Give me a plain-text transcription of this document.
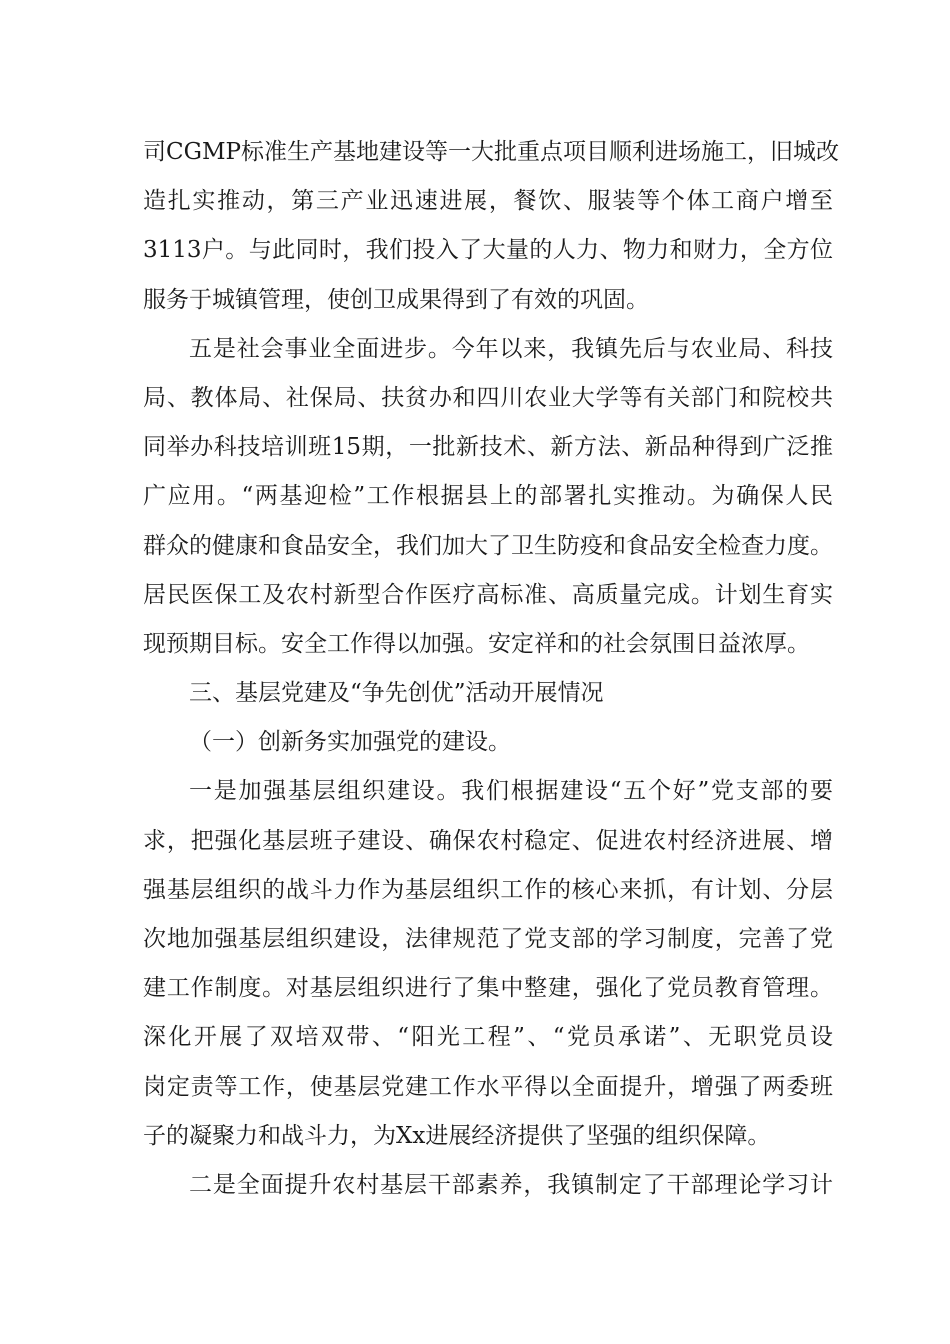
司CGMP标准生产基地建设等一大批重点项目顺利进场施工，旧城改
造扎实推动，第三产业迅速进展，餐饮、服装等个体工商户增至
3113户。与此同时，我们投入了大量的人力、物力和财力，全方位
服务于城镇管理，使创卫成果得到了有效的巩固。
五是社会事业全面进步。今年以来，我镇先后与农业局、科技
局、教体局、社保局、扶贫办和四川农业大学等有关部门和院校共
同举办科技培训班15期，一批新技术、新方法、新品种得到广泛推
广应用。“两基迎检”工作根据县上的部署扎实推动。为确保人民
群众的健康和食品安全，我们加大了卫生防疫和食品安全检查力度。
居民医保工及农村新型合作医疗高标准、高质量完成。计划生育实
现预期目标。安全工作得以加强。安定祥和的社会氛围日益浓厚。
三、基层党建及“争先创优”活动开展情况
（一）创新务实加强党的建设。
一是加强基层组织建设。我们根据建设“五个好”党支部的要
求，把强化基层班子建设、确保农村稳定、促进农村经济进展、增
强基层组织的战斗力作为基层组织工作的核心来抓，有计划、分层
次地加强基层组织建设，法律规范了党支部的学习制度，完善了党
建工作制度。对基层组织进行了集中整建，强化了党员教育管理。
深化开展了双培双带、“阳光工程”、“党员承诺”、无职党员设
岗定责等工作，使基层党建工作水平得以全面提升，增强了两委班
子的凝聚力和战斗力，为Xx进展经济提供了坚强的组织保障。
二是全面提升农村基层干部素养，我镇制定了干部理论学习计
